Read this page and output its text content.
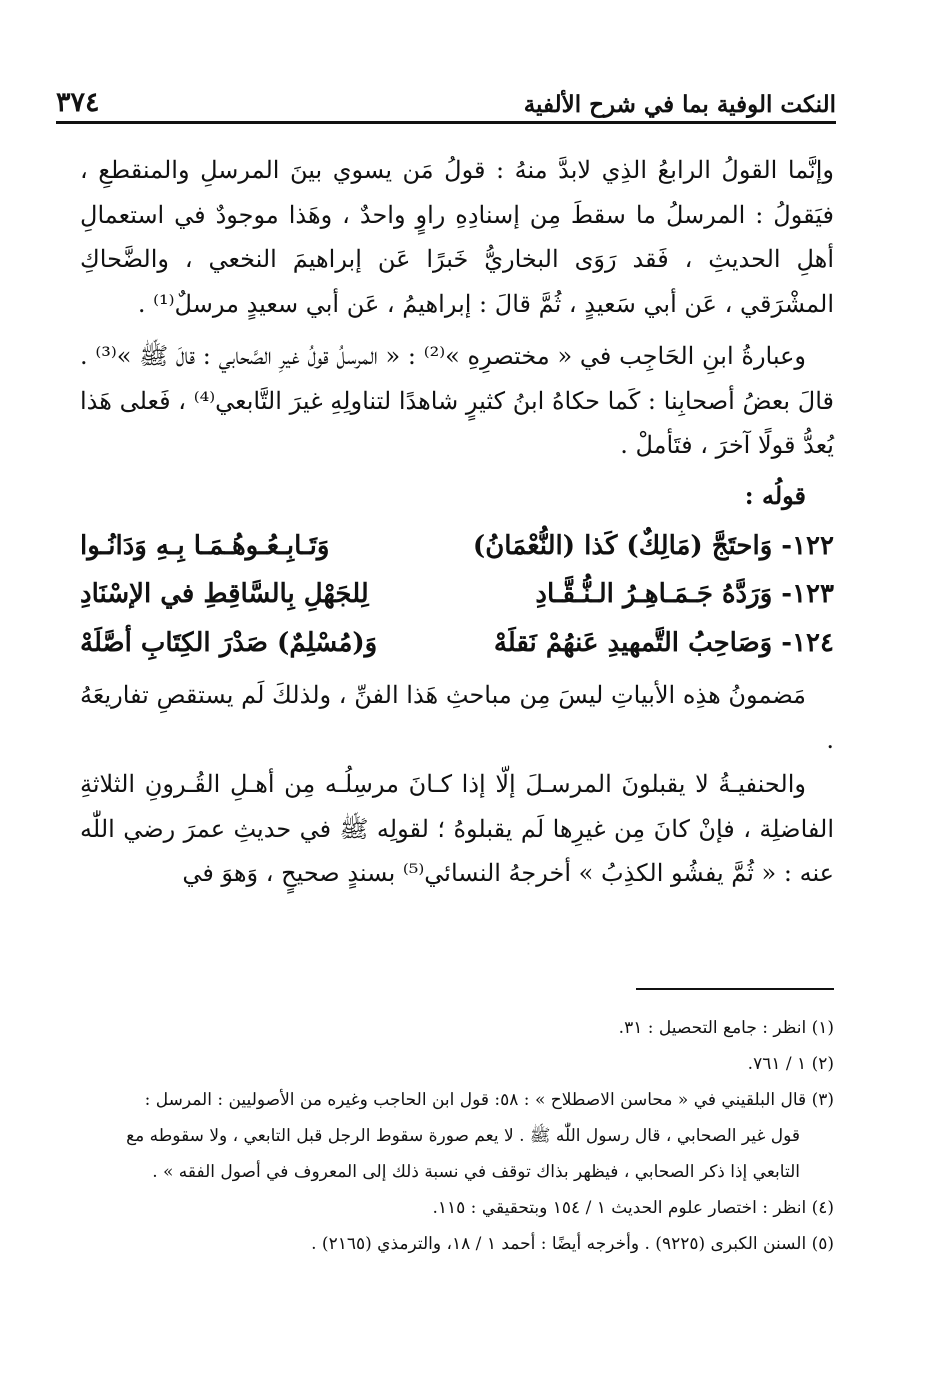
النكت الوفية بما في شرح الألفية
٣٧٤

وإنَّما القولُ الرابعُ الذِي لابدَّ منهُ : قولُ مَن يسوي بينَ المرسلِ والمنقطعِ ، فيَقولُ : المرسلُ ما سقطَ مِن إسنادِهِ راوٍ واحدٌ ، وهَذا موجودٌ في استعمالِ أهلِ الحديثِ ، فَقد رَوَى البخاريُّ خَبرًا عَن إبراهيمَ النخعي ، والضَّحاكِ المشْرَقي ، عَن أبي سَعيدٍ ، ثُمَّ قالَ : إبراهيمُ ، عَن أبي سعيدٍ مرسلٌ⁽¹⁾ .

وعبارةُ ابنِ الحَاجِب في « مختصرِهِ »⁽²⁾ : « المرسلُ قولُ غيرِ الصَّحابي : قالَ ﷺ »⁽³⁾ . قالَ بعضُ أصحابِنا : كَما حكاهُ ابنُ كثيرٍ شاهدًا لتناولِهِ غيرَ التَّابعي⁽⁴⁾ ، فَعلى هَذا يُعدُّ قولًا آخرَ ، فتَأملْ .

قولُه :

١٢٢- وَاحتَجَّ (مَالِكٌ) كَذا (النُّعْمَانُ)
وَتَـابِـعُـوهُـمَـا بِـهِ وَدَانُـوا
١٢٣- وَرَدَّهُ جَـمَـاهِـرُ الـنُّـقَّـادِ
لِلجَهْلِ بِالسَّاقِطِ في الإسْنَادِ
١٢٤- وَصَاحِبُ التَّمهيدِ عَنهُمْ نَقلَهْ
وَ(مُسْلِمٌ) صَدْرَ الكِتَابِ أصَّلَهْ

مَضمونُ هذِه الأبياتِ ليسَ مِن مباحثِ هَذا الفنِّ ، ولذلكَ لَم يستقصِ تفاريعَهُ .

والحنفيـةُ لا يقبلونَ المرسـلَ إلّا إذا كـانَ مرسِلُـه مِن أهـلِ القُـرونِ الثلاثةِ الفاضلِة ، فإنْ كانَ مِن غيرِها لَم يقبلوهُ ؛ لقولِه ﷺ في حديثِ عمرَ رضي اللّٰه عنه : « ثُمَّ يفشُو الكذِبُ » أخرجهُ النسائي⁽⁵⁾ بسندٍ صحيحٍ ، وَهوَ في

(١) انظر : جامع التحصيل : ٣١.

(٢) ١ / ٧٦١.

(٣) قال البلقيني في « محاسن الاصطلاح » : ٥٨: قول ابن الحاجب وغيره من الأصوليين : المرسل :

قول غير الصحابي ، قال رسول اللّٰه ﷺ . لا يعم صورة سقوط الرجل قبل التابعي ، ولا سقوطه مع

التابعي إذا ذكر الصحابي ، فيظهر بذاك توقف في نسبة ذلك إلى المعروف في أصول الفقه » .

(٤) انظر : اختصار علوم الحديث ١ / ١٥٤ وبتحقيقي : ١١٥.

(٥) السنن الكبرى (٩٢٢٥) . وأخرجه أيضًا : أحمد ١ / ١٨، والترمذي (٢١٦٥) .
